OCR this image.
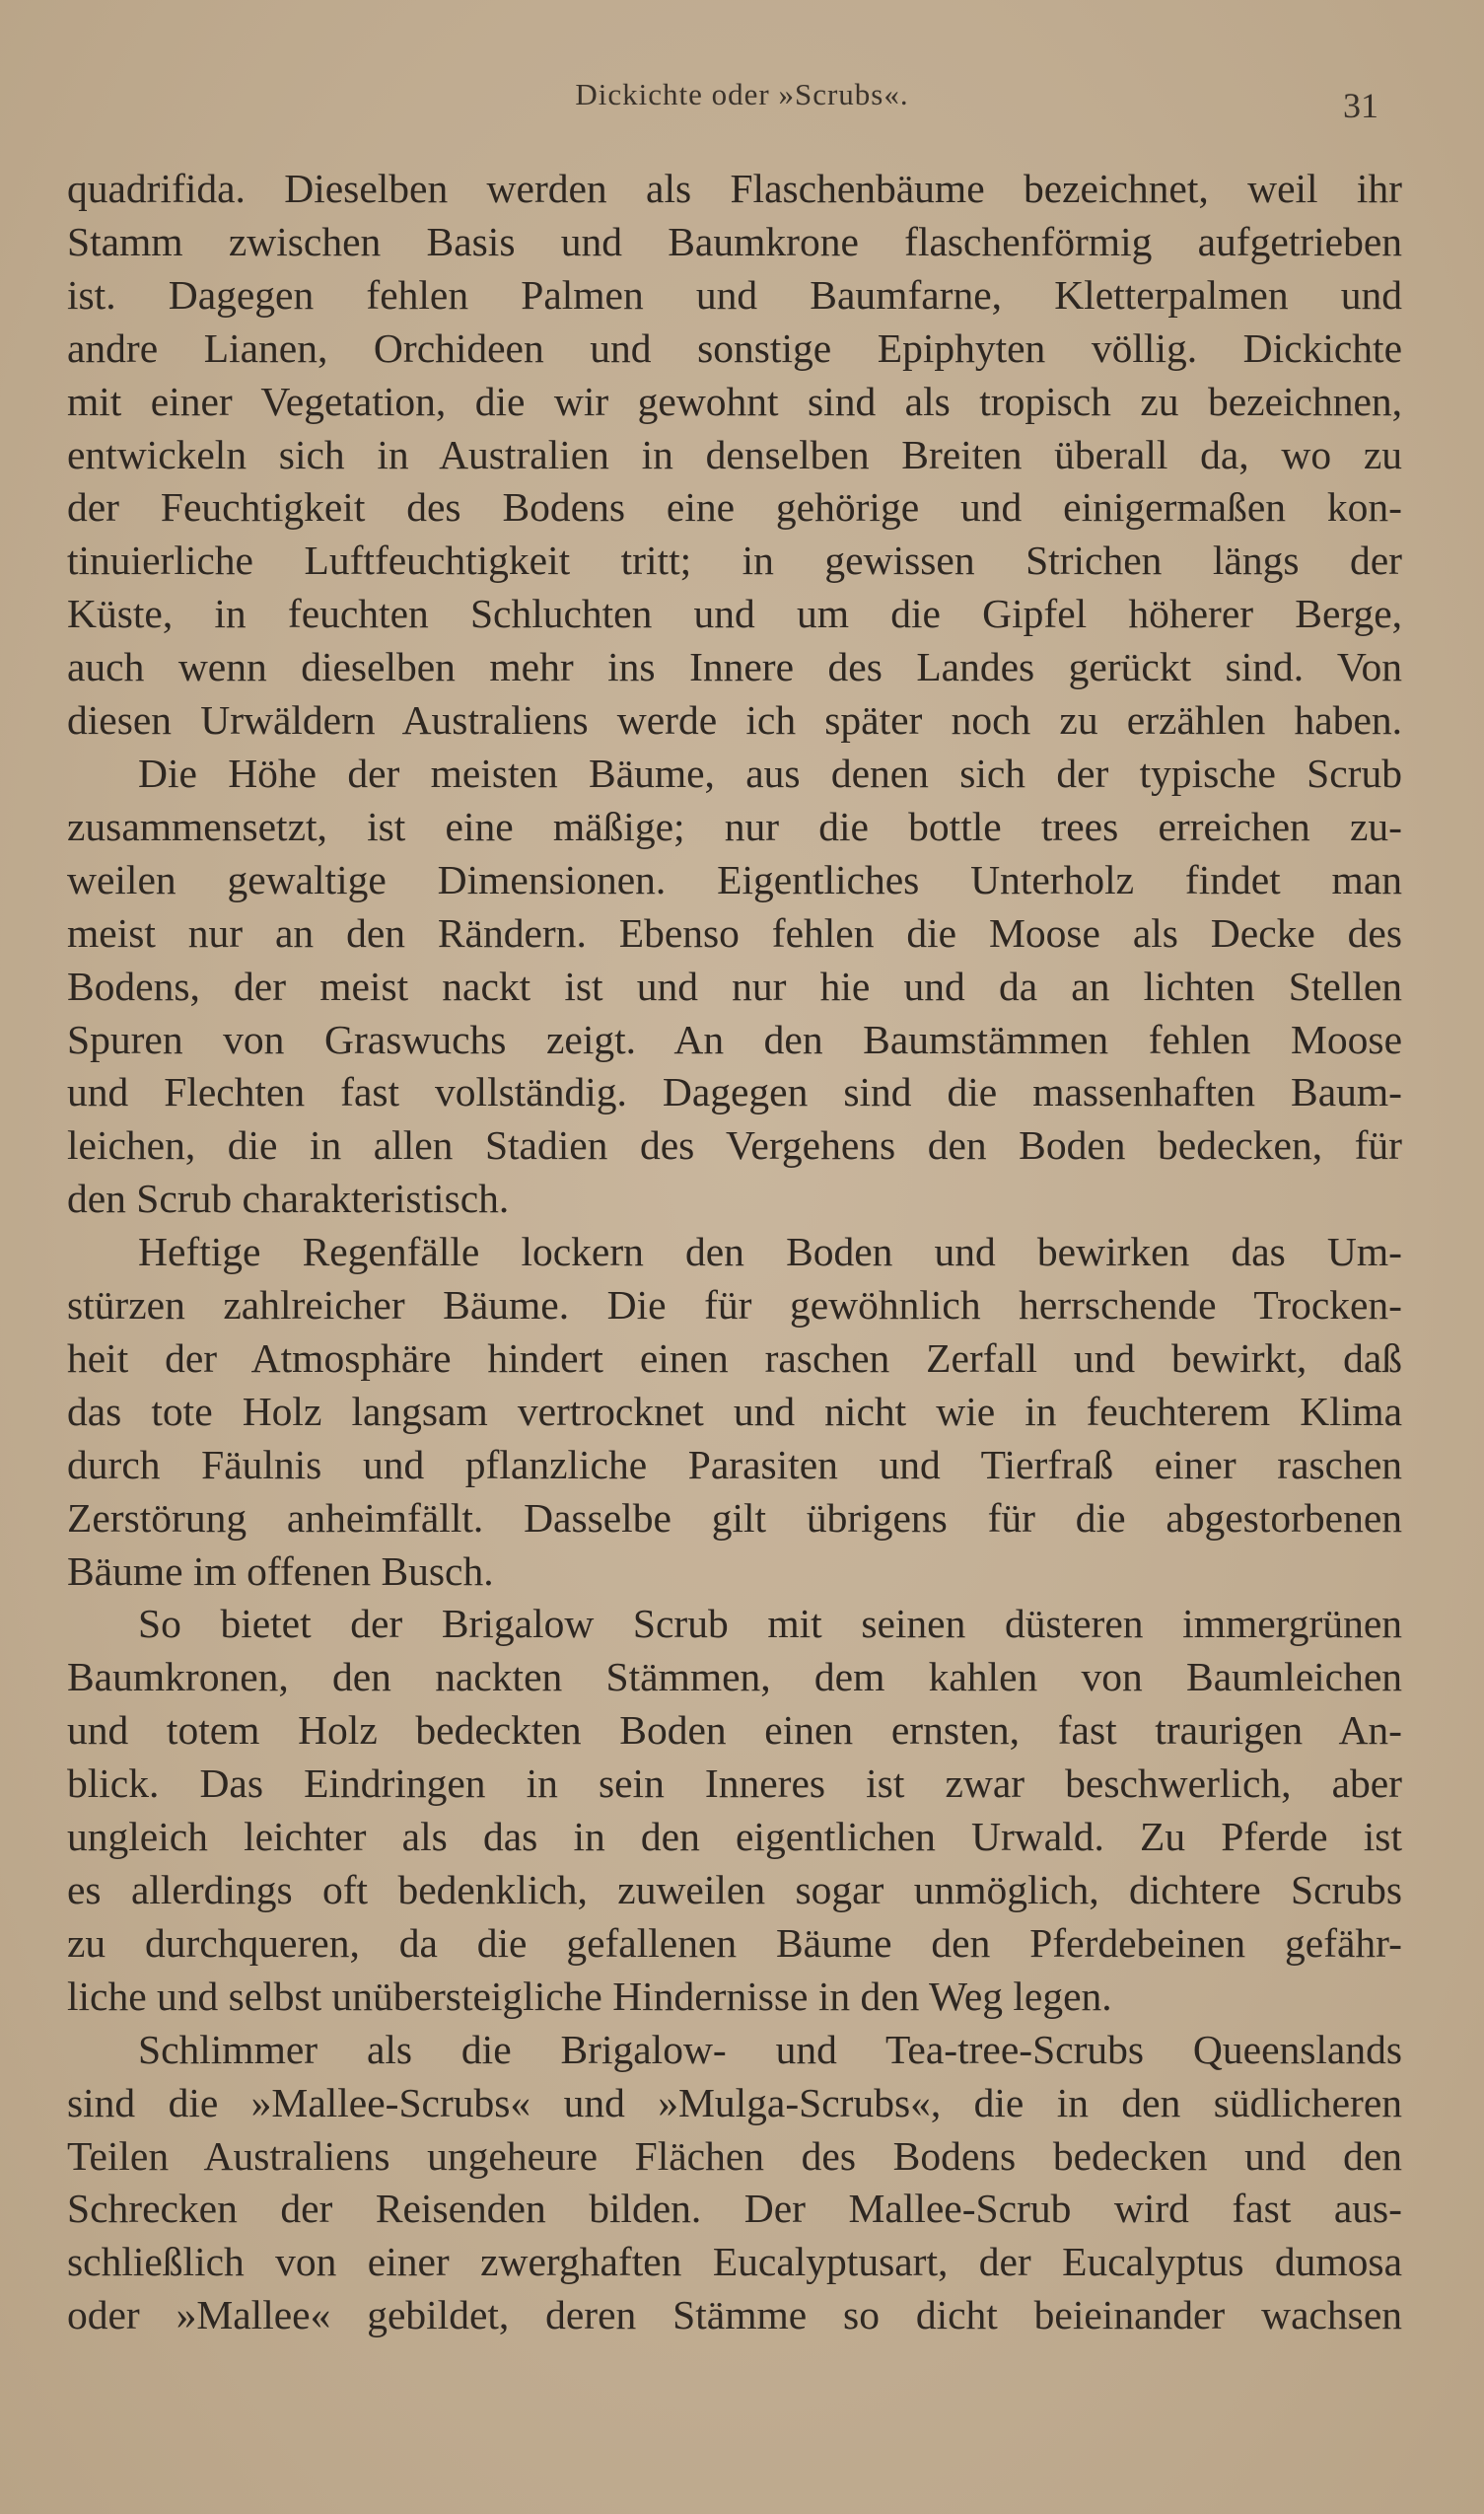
Dickichte oder »Scrubs«.	31

quadrifida. Dieselben werden als Flaschenbäume bezeichnet, weil ihr
Stamm zwischen Basis und Baumkrone flaschenförmig aufgetrieben
ist. Dagegen fehlen Palmen und Baumfarne, Kletterpalmen und
andre Lianen, Orchideen und sonstige Epiphyten völlig. Dickichte
mit einer Vegetation, die wir gewohnt sind als tropisch zu bezeichnen,
entwickeln sich in Australien in denselben Breiten überall da, wo zu
der Feuchtigkeit des Bodens eine gehörige und einigermaßen kon-
tinuierliche Luftfeuchtigkeit tritt; in gewissen Strichen längs der
Küste, in feuchten Schluchten und um die Gipfel höherer Berge,
auch wenn dieselben mehr ins Innere des Landes gerückt sind. Von
diesen Urwäldern Australiens werde ich später noch zu erzählen haben.

Die Höhe der meisten Bäume, aus denen sich der typische Scrub
zusammensetzt, ist eine mäßige; nur die bottle trees erreichen zu-
weilen gewaltige Dimensionen. Eigentliches Unterholz findet man
meist nur an den Rändern. Ebenso fehlen die Moose als Decke des
Bodens, der meist nackt ist und nur hie und da an lichten Stellen
Spuren von Graswuchs zeigt. An den Baumstämmen fehlen Moose
und Flechten fast vollständig. Dagegen sind die massenhaften Baum-
leichen, die in allen Stadien des Vergehens den Boden bedecken, für
den Scrub charakteristisch.

Heftige Regenfälle lockern den Boden und bewirken das Um-
stürzen zahlreicher Bäume. Die für gewöhnlich herrschende Trocken-
heit der Atmosphäre hindert einen raschen Zerfall und bewirkt, daß
das tote Holz langsam vertrocknet und nicht wie in feuchterem Klima
durch Fäulnis und pflanzliche Parasiten und Tierfraß einer raschen
Zerstörung anheimfällt. Dasselbe gilt übrigens für die abgestorbenen
Bäume im offenen Busch.

So bietet der Brigalow Scrub mit seinen düsteren immergrünen
Baumkronen, den nackten Stämmen, dem kahlen von Baumleichen
und totem Holz bedeckten Boden einen ernsten, fast traurigen An-
blick. Das Eindringen in sein Inneres ist zwar beschwerlich, aber
ungleich leichter als das in den eigentlichen Urwald. Zu Pferde ist
es allerdings oft bedenklich, zuweilen sogar unmöglich, dichtere Scrubs
zu durchqueren, da die gefallenen Bäume den Pferdebeinen gefähr-
liche und selbst unübersteigliche Hindernisse in den Weg legen.

Schlimmer als die Brigalow- und Tea-tree-Scrubs Queenslands
sind die »Mallee-Scrubs« und »Mulga-Scrubs«, die in den südlicheren
Teilen Australiens ungeheure Flächen des Bodens bedecken und den
Schrecken der Reisenden bilden. Der Mallee-Scrub wird fast aus-
schließlich von einer zwerghaften Eucalyptusart, der Eucalyptus dumosa
oder »Mallee« gebildet, deren Stämme so dicht beieinander wachsen
